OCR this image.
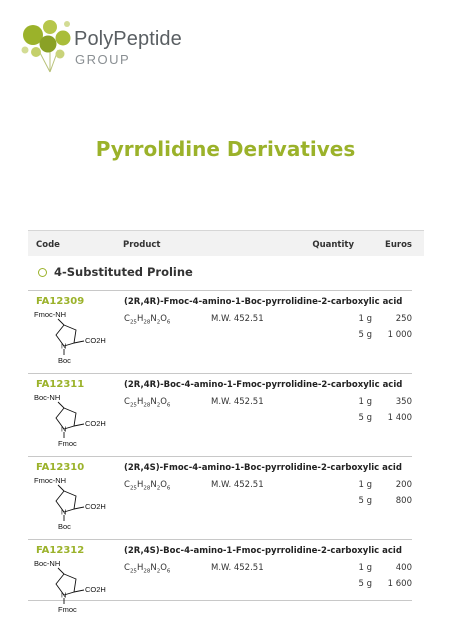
PolyPeptide
GROUP
Pyrrolidine Derivatives
Code	Product	Quantity	Euros
4-Substituted Proline
FA12309	(2R,4R)-Fmoc-4-amino-1-Boc-pyrrolidine-2-carboxylic acid
$C_{25}H_{28}N_2O_6$	M.W. 452.51	1 g	250
5 g	1 000
Fmoc-NH
N
CO2H
Boc
FA12311	(2R,4R)-Boc-4-amino-1-Fmoc-pyrrolidine-2-carboxylic acid
$C_{25}H_{28}N_2O_6$	M.W. 452.51	1 g	350
5 g	1 400
Boc-NH
N
CO2H
Fmoc
FA12310	(2R,4S)-Fmoc-4-amino-1-Boc-pyrrolidine-2-carboxylic acid
$C_{25}H_{28}N_2O_6$	M.W. 452.51	1 g	200
5 g	800
Fmoc-NH
N
CO2H
Boc
FA12312	(2R,4S)-Boc-4-amino-1-Fmoc-pyrrolidine-2-carboxylic acid
$C_{25}H_{28}N_2O_6$	M.W. 452.51	1 g	400
5 g	1 600
Boc-NH
N
CO2H
Fmoc
